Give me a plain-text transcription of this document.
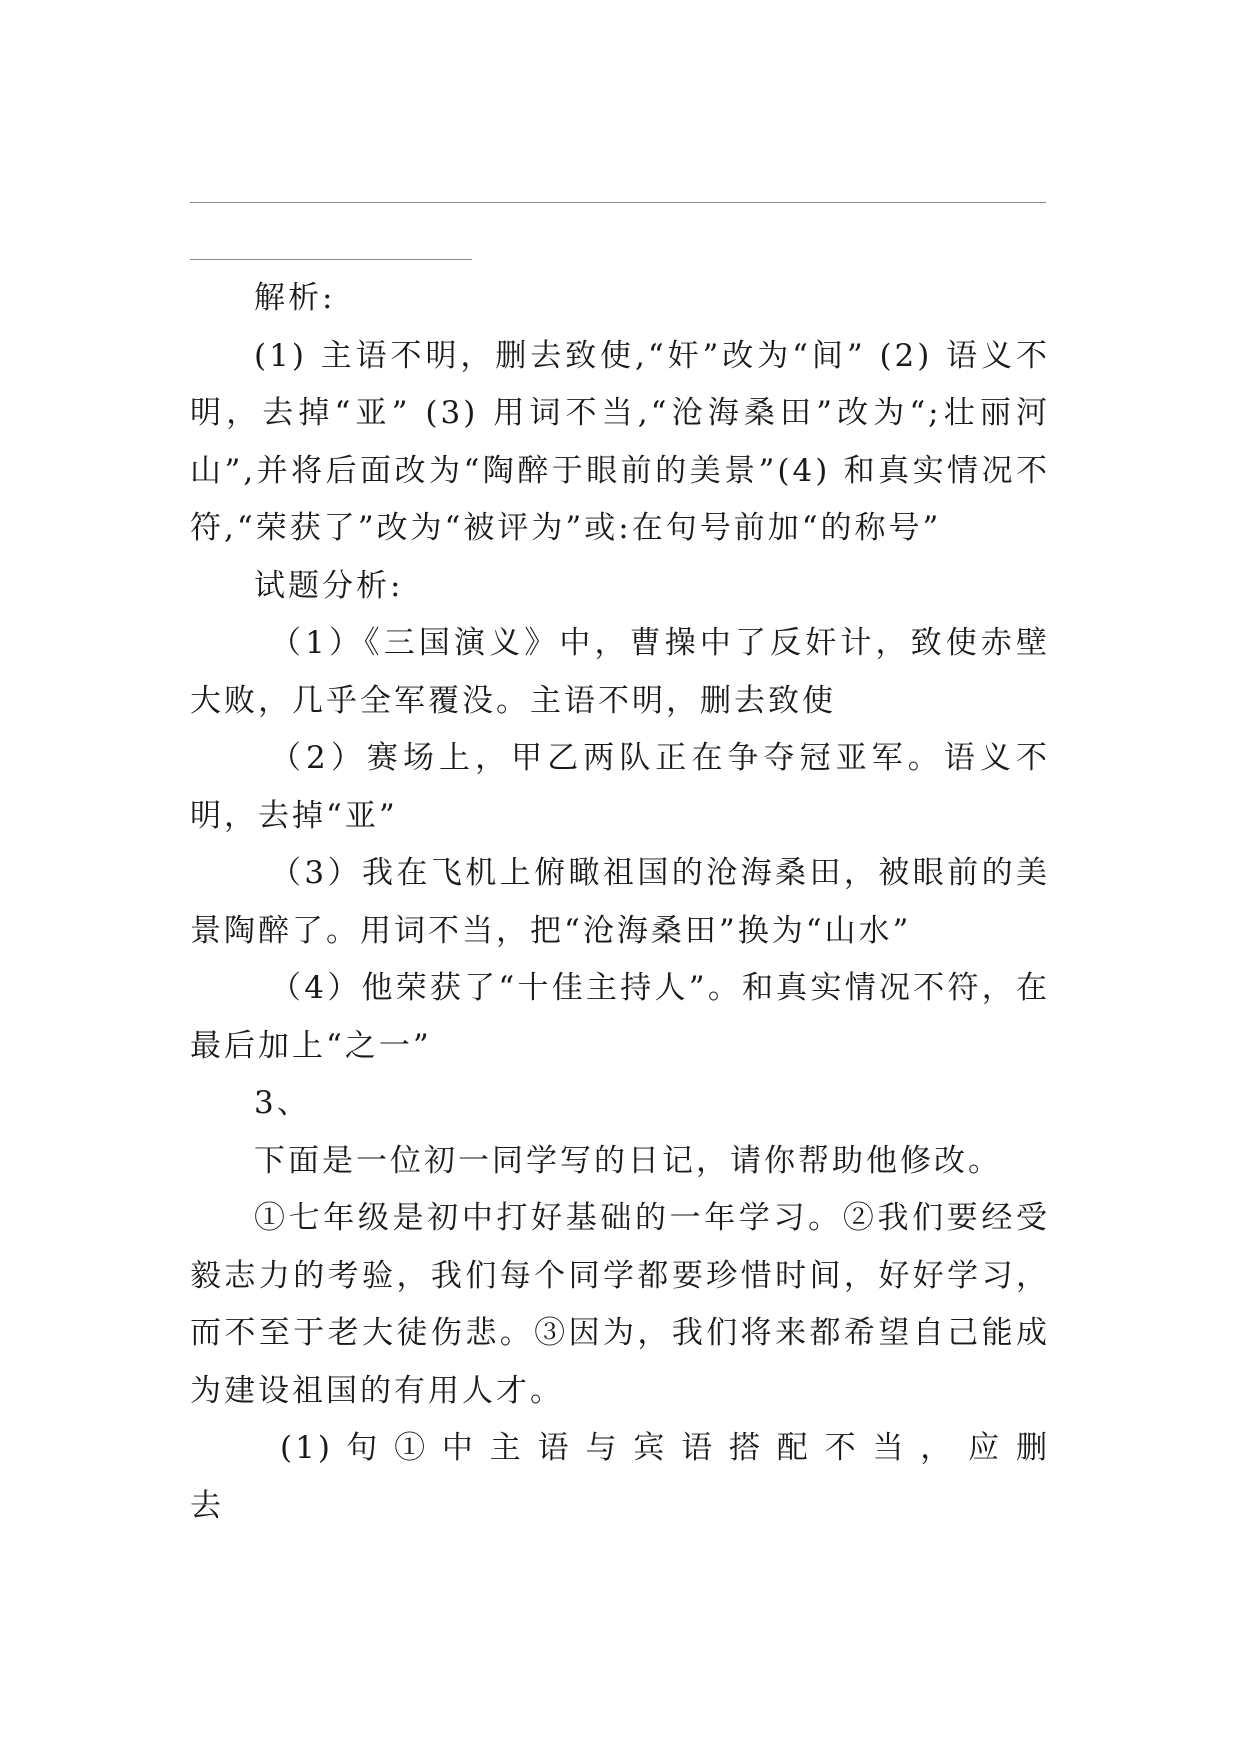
解析:

(1) 主语不明，删去致使,“奸”改为“间” (2) 语义不明，去掉“亚” (3) 用词不当,“沧海桑田”改为“;壮丽河山”,并将后面改为“陶醉于眼前的美景”(4) 和真实情况不符,“荣获了”改为“被评为”或:在句号前加“的称号”

试题分析:

（1）《三国演义》中，曹操中了反奸计，致使赤壁大败，几乎全军覆没。主语不明，删去致使

（2）赛场上，甲乙两队正在争夺冠亚军。语义不明，去掉“亚”

（3）我在飞机上俯瞰祖国的沧海桑田，被眼前的美景陶醉了。用词不当，把“沧海桑田”换为“山水”

（4）他荣获了“十佳主持人”。和真实情况不符，在最后加上“之一”

3、

下面是一位初一同学写的日记，请你帮助他修改。

①七年级是初中打好基础的一年学习。②我们要经受毅志力的考验，我们每个同学都要珍惜时间，好好学习，而不至于老大徒伤悲。③因为，我们将来都希望自己能成为建设祖国的有用人才。

(1) 句 ① 中 主 语 与 宾 语 搭 配 不 当 ， 应 删 去
